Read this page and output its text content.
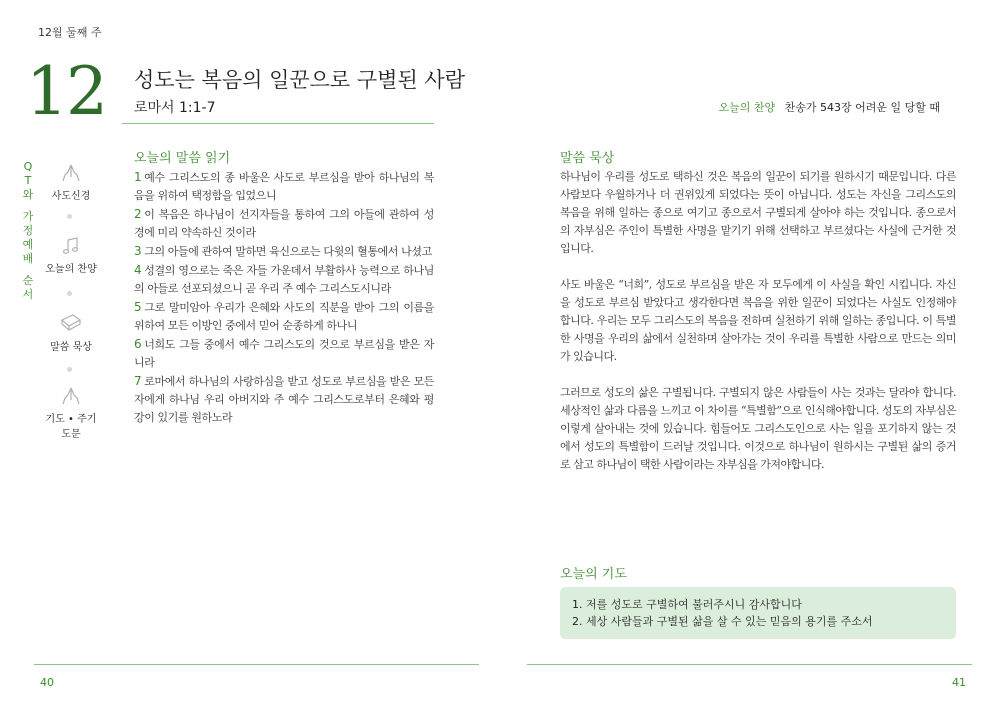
12월 둘째 주
12 성도는 복음의 일꾼으로 구별된 사람
로마서 1:1-7	오늘의 찬양 찬송가 543장 어려운 일 당할 때
Q
T
와
가
정
예
배
순
서
사도신경
오늘의 찬양
말씀 묵상
기도 • 주기도문
오늘의 말씀 읽기
1 예수 그리스도의 종 바울은 사도로 부르심을 받아 하나님의 복음을 위하여 택정함을 입었으니
2 이 복음은 하나님이 선지자들을 통하여 그의 아들에 관하여 성경에 미리 약속하신 것이라
3 그의 아들에 관하여 말하면 육신으로는 다윗의 혈통에서 나셨고
4 성결의 영으로는 죽은 자들 가운데서 부활하사 능력으로 하나님의 아들로 선포되셨으니 곧 우리 주 예수 그리스도시니라
5 그로 말미암아 우리가 은혜와 사도의 직분을 받아 그의 이름을 위하여 모든 이방인 중에서 믿어 순종하게 하나니
6 너희도 그들 중에서 예수 그리스도의 것으로 부르심을 받은 자니라
7 로마에서 하나님의 사랑하심을 받고 성도로 부르심을 받은 모든 자에게 하나님 우리 아버지와 주 예수 그리스도로부터 은혜와 평강이 있기를 원하노라
말씀 묵상

하나님이 우리를 성도로 택하신 것은 복음의 일꾼이 되기를 원하시기 때문입니다. 다른 사람보다 우월하거나 더 권위있게 되었다는 뜻이 아닙니다. 성도는 자신을 그리스도의 복음을 위해 일하는 종으로 여기고 종으로서 구별되게 살아야 하는 것입니다. 종으로서의 자부심은 주인이 특별한 사명을 맡기기 위해 선택하고 부르셨다는 사실에 근거한 것입니다.

사도 바울은 “너희”, 성도로 부르심을 받은 자 모두에게 이 사실을 확인 시킵니다. 자신을 성도로 부르심 받았다고 생각한다면 복음을 위한 일꾼이 되었다는 사실도 인정해야 합니다. 우리는 모두 그리스도의 복음을 전하며 실천하기 위해 일하는 종입니다. 이 특별한 사명을 우리의 삶에서 실천하며 살아가는 것이 우리를 특별한 사람으로 만드는 의미가 있습니다.

그러므로 성도의 삶은 구별됩니다. 구별되지 않은 사람들이 사는 것과는 달라야 합니다. 세상적인 삶과 다름을 느끼고 이 차이를 “특별함”으로 인식해야합니다. 성도의 자부심은 이렇게 살아내는 것에 있습니다. 힘들어도 그리스도인으로 사는 일을 포기하지 않는 것에서 성도의 특별함이 드러날 것입니다. 이것으로 하나님이 원하시는 구별된 삶의 증거로 삼고 하나님이 택한 사람이라는 자부심을 가져야합니다.

오늘의 기도
1. 저를 성도로 구별하여 불러주시니 감사합니다
2. 세상 사람들과 구별된 삶을 살 수 있는 믿음의 용기를 주소서
40	41
